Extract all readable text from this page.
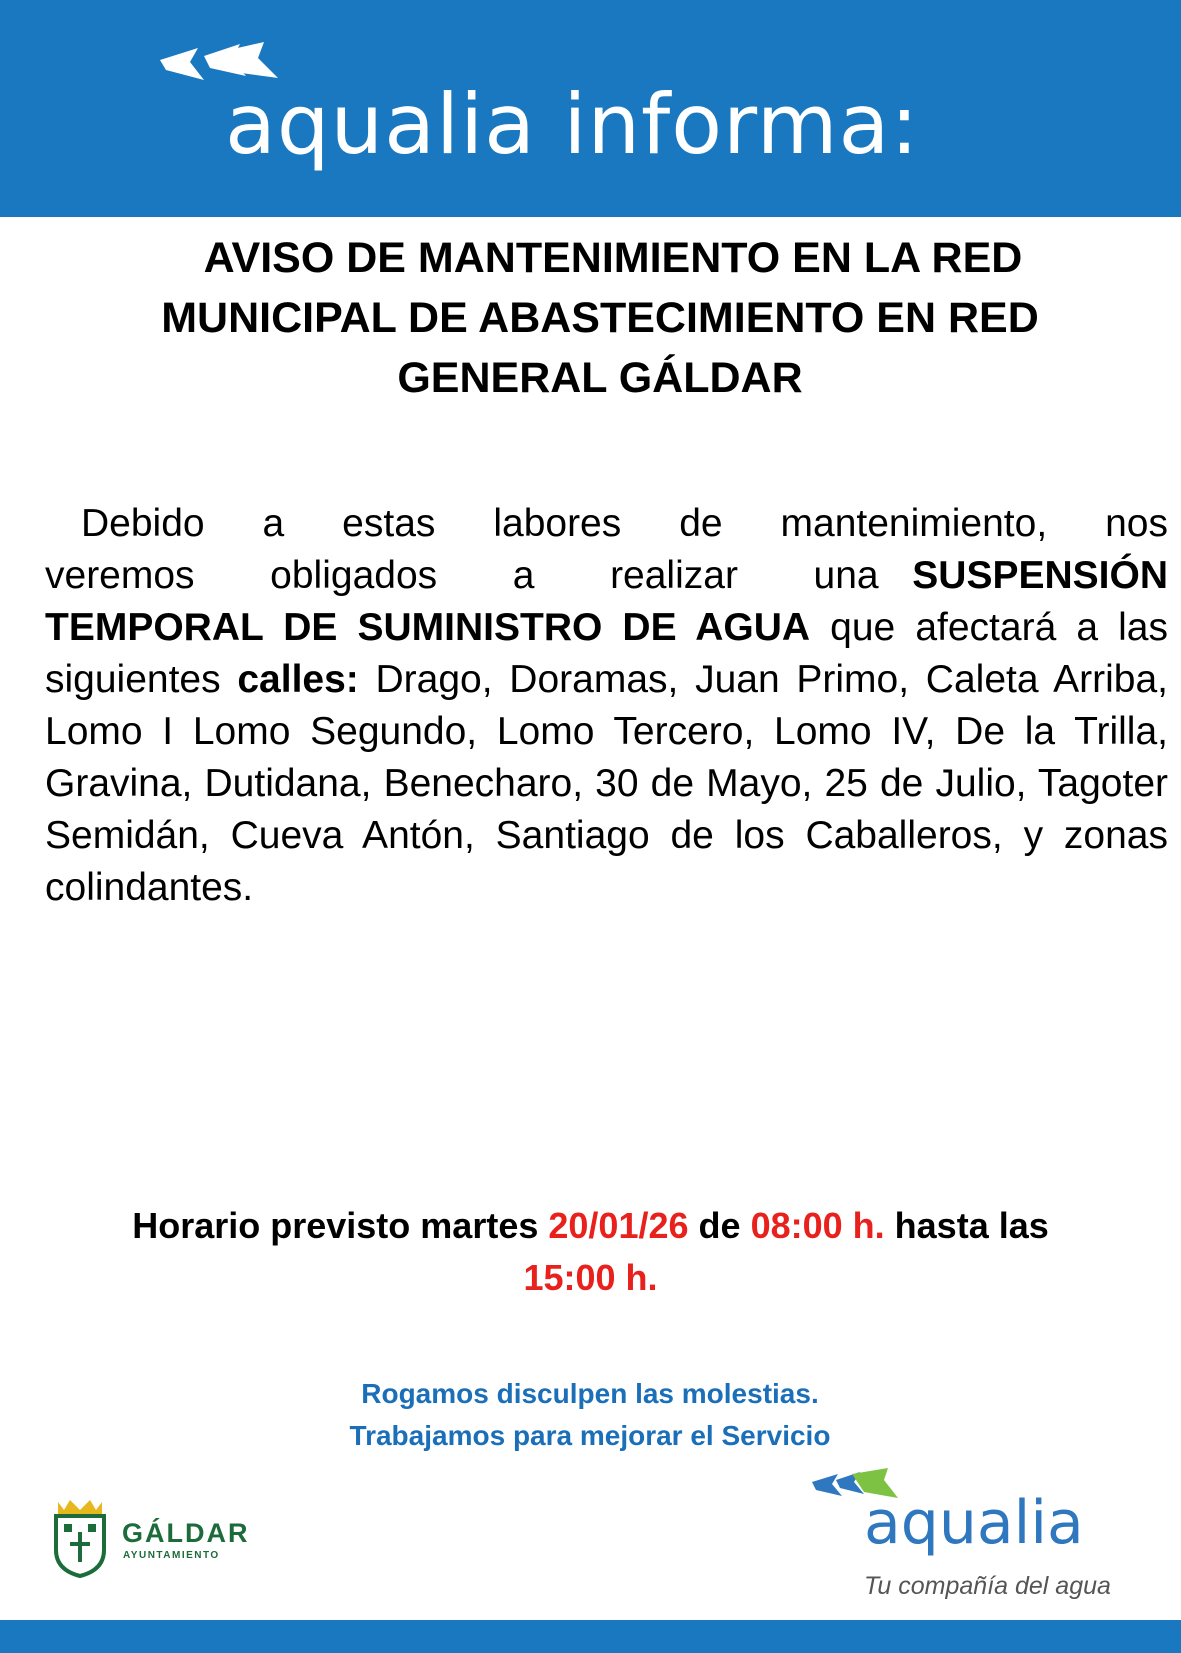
aqualia informa:
AVISO DE MANTENIMIENTO EN LA RED
MUNICIPAL DE ABASTECIMIENTO EN RED
GENERAL GÁLDAR
Debido a estas labores de mantenimiento, nos veremos obligados a realizar una SUSPENSIÓN TEMPORAL DE SUMINISTRO DE AGUA que afectará a las siguientes calles: Drago, Doramas, Juan Primo, Caleta Arriba, Lomo I Lomo Segundo, Lomo Tercero, Lomo IV, De la Trilla, Gravina, Dutidana, Benecharo, 30 de Mayo, 25 de Julio, Tagoter Semidán, Cueva Antón, Santiago de los Caballeros, y zonas colindantes.
Horario previsto martes 20/01/26 de 08:00 h. hasta las
15:00 h.
Rogamos disculpen las molestias.
Trabajamos para mejorar el Servicio
GÁLDAR
AYUNTAMIENTO	aqualia
Tu compañía del agua
